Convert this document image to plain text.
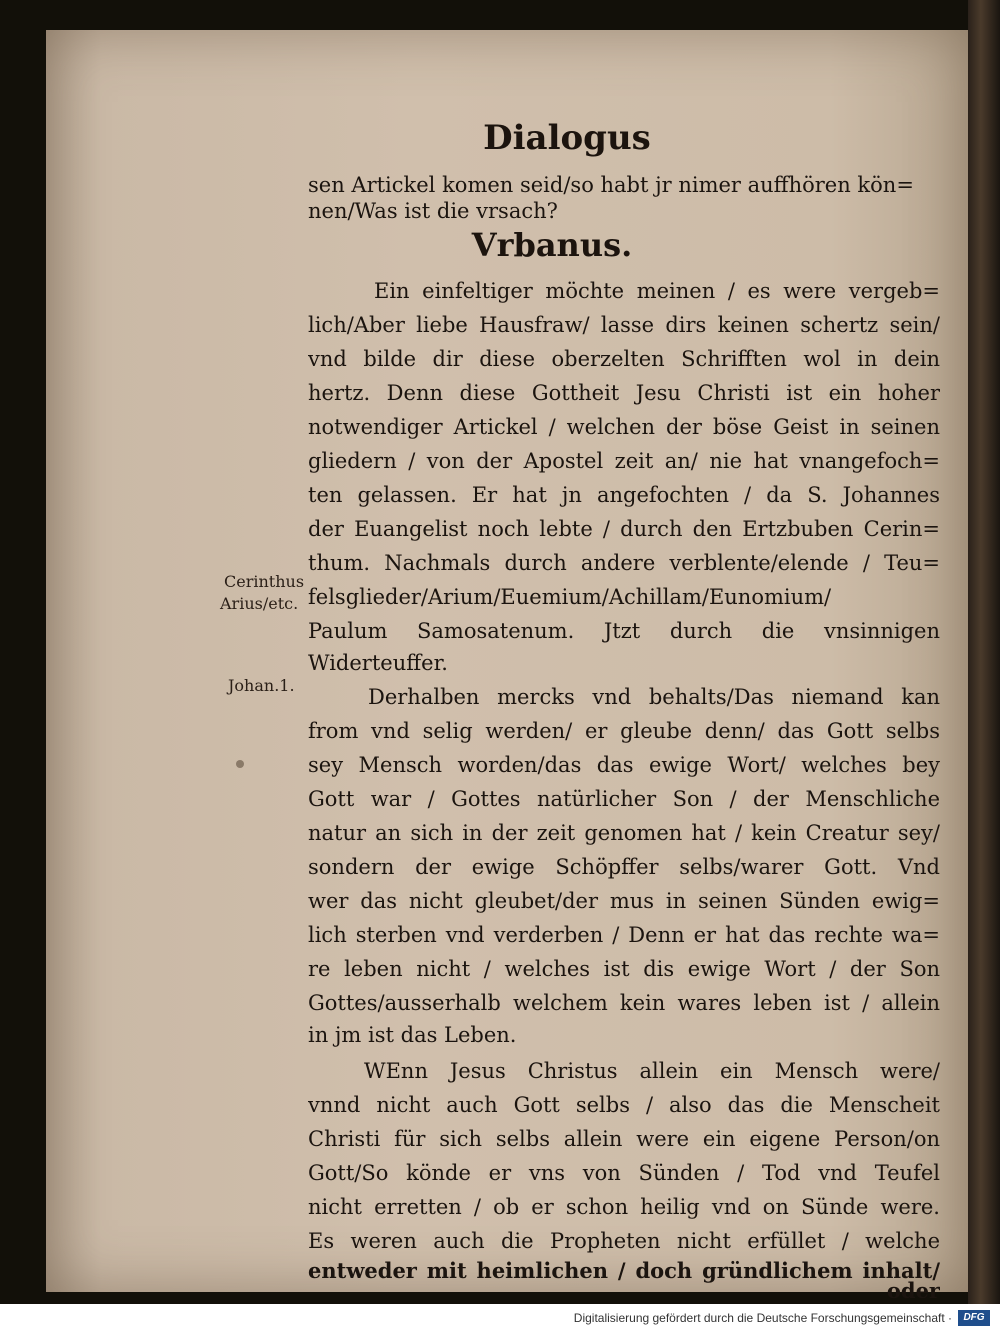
Dialogus
sen Artickel komen seid/so habt jr nimer auffhören kön=
nen/Was ist die vrsach?
Vrbanus.
Ein einfeltiger möchte meinen / es were vergeb=
lich/Aber liebe Hausfraw/ lasse dirs keinen schertz sein/
vnd bilde dir diese oberzelten Schrifften wol in dein
hertz. Denn diese Gottheit Jesu Christi ist ein hoher
notwendiger Artickel / welchen der böse Geist in seinen
gliedern / von der Apostel zeit an/ nie hat vnangefoch=
ten gelassen. Er hat jn angefochten / da S. Johannes
der Euangelist noch lebte / durch den Ertzbuben Cerin=
thum. Nachmals durch andere verblente/elende / Teu=
felsglieder/Arium/Euemium/Achillam/Eunomium/
Paulum Samosatenum. Jtzt durch die vnsinnigen
Widerteuffer.
Derhalben mercks vnd behalts/Das niemand kan
from vnd selig werden/ er gleube denn/ das Gott selbs
sey Mensch worden/das das ewige Wort/ welches bey
Gott war / Gottes natürlicher Son / der Menschliche
natur an sich in der zeit genomen hat / kein Creatur sey/
sondern der ewige Schöpffer selbs/warer Gott. Vnd
wer das nicht gleubet/der mus in seinen Sünden ewig=
lich sterben vnd verderben / Denn er hat das rechte wa=
re leben nicht / welches ist dis ewige Wort / der Son
Gottes/ausserhalb welchem kein wares leben ist / allein
in jm ist das Leben.
WEnn Jesus Christus allein ein Mensch were/
vnnd nicht auch Gott selbs / also das die Menscheit
Christi für sich selbs allein were ein eigene Person/on
Gott/So könde er vns von Sünden / Tod vnd Teufel
nicht erretten / ob er schon heilig vnd on Sünde were.
Es weren auch die Propheten nicht erfüllet / welche
entweder mit heimlichen / doch gründlichem inhalt/
oder
Cerinthus
Arius/etc.
Johan.1.
Digitalisierung gefördert durch die Deutsche Forschungsgemeinschaft ·	DFG
